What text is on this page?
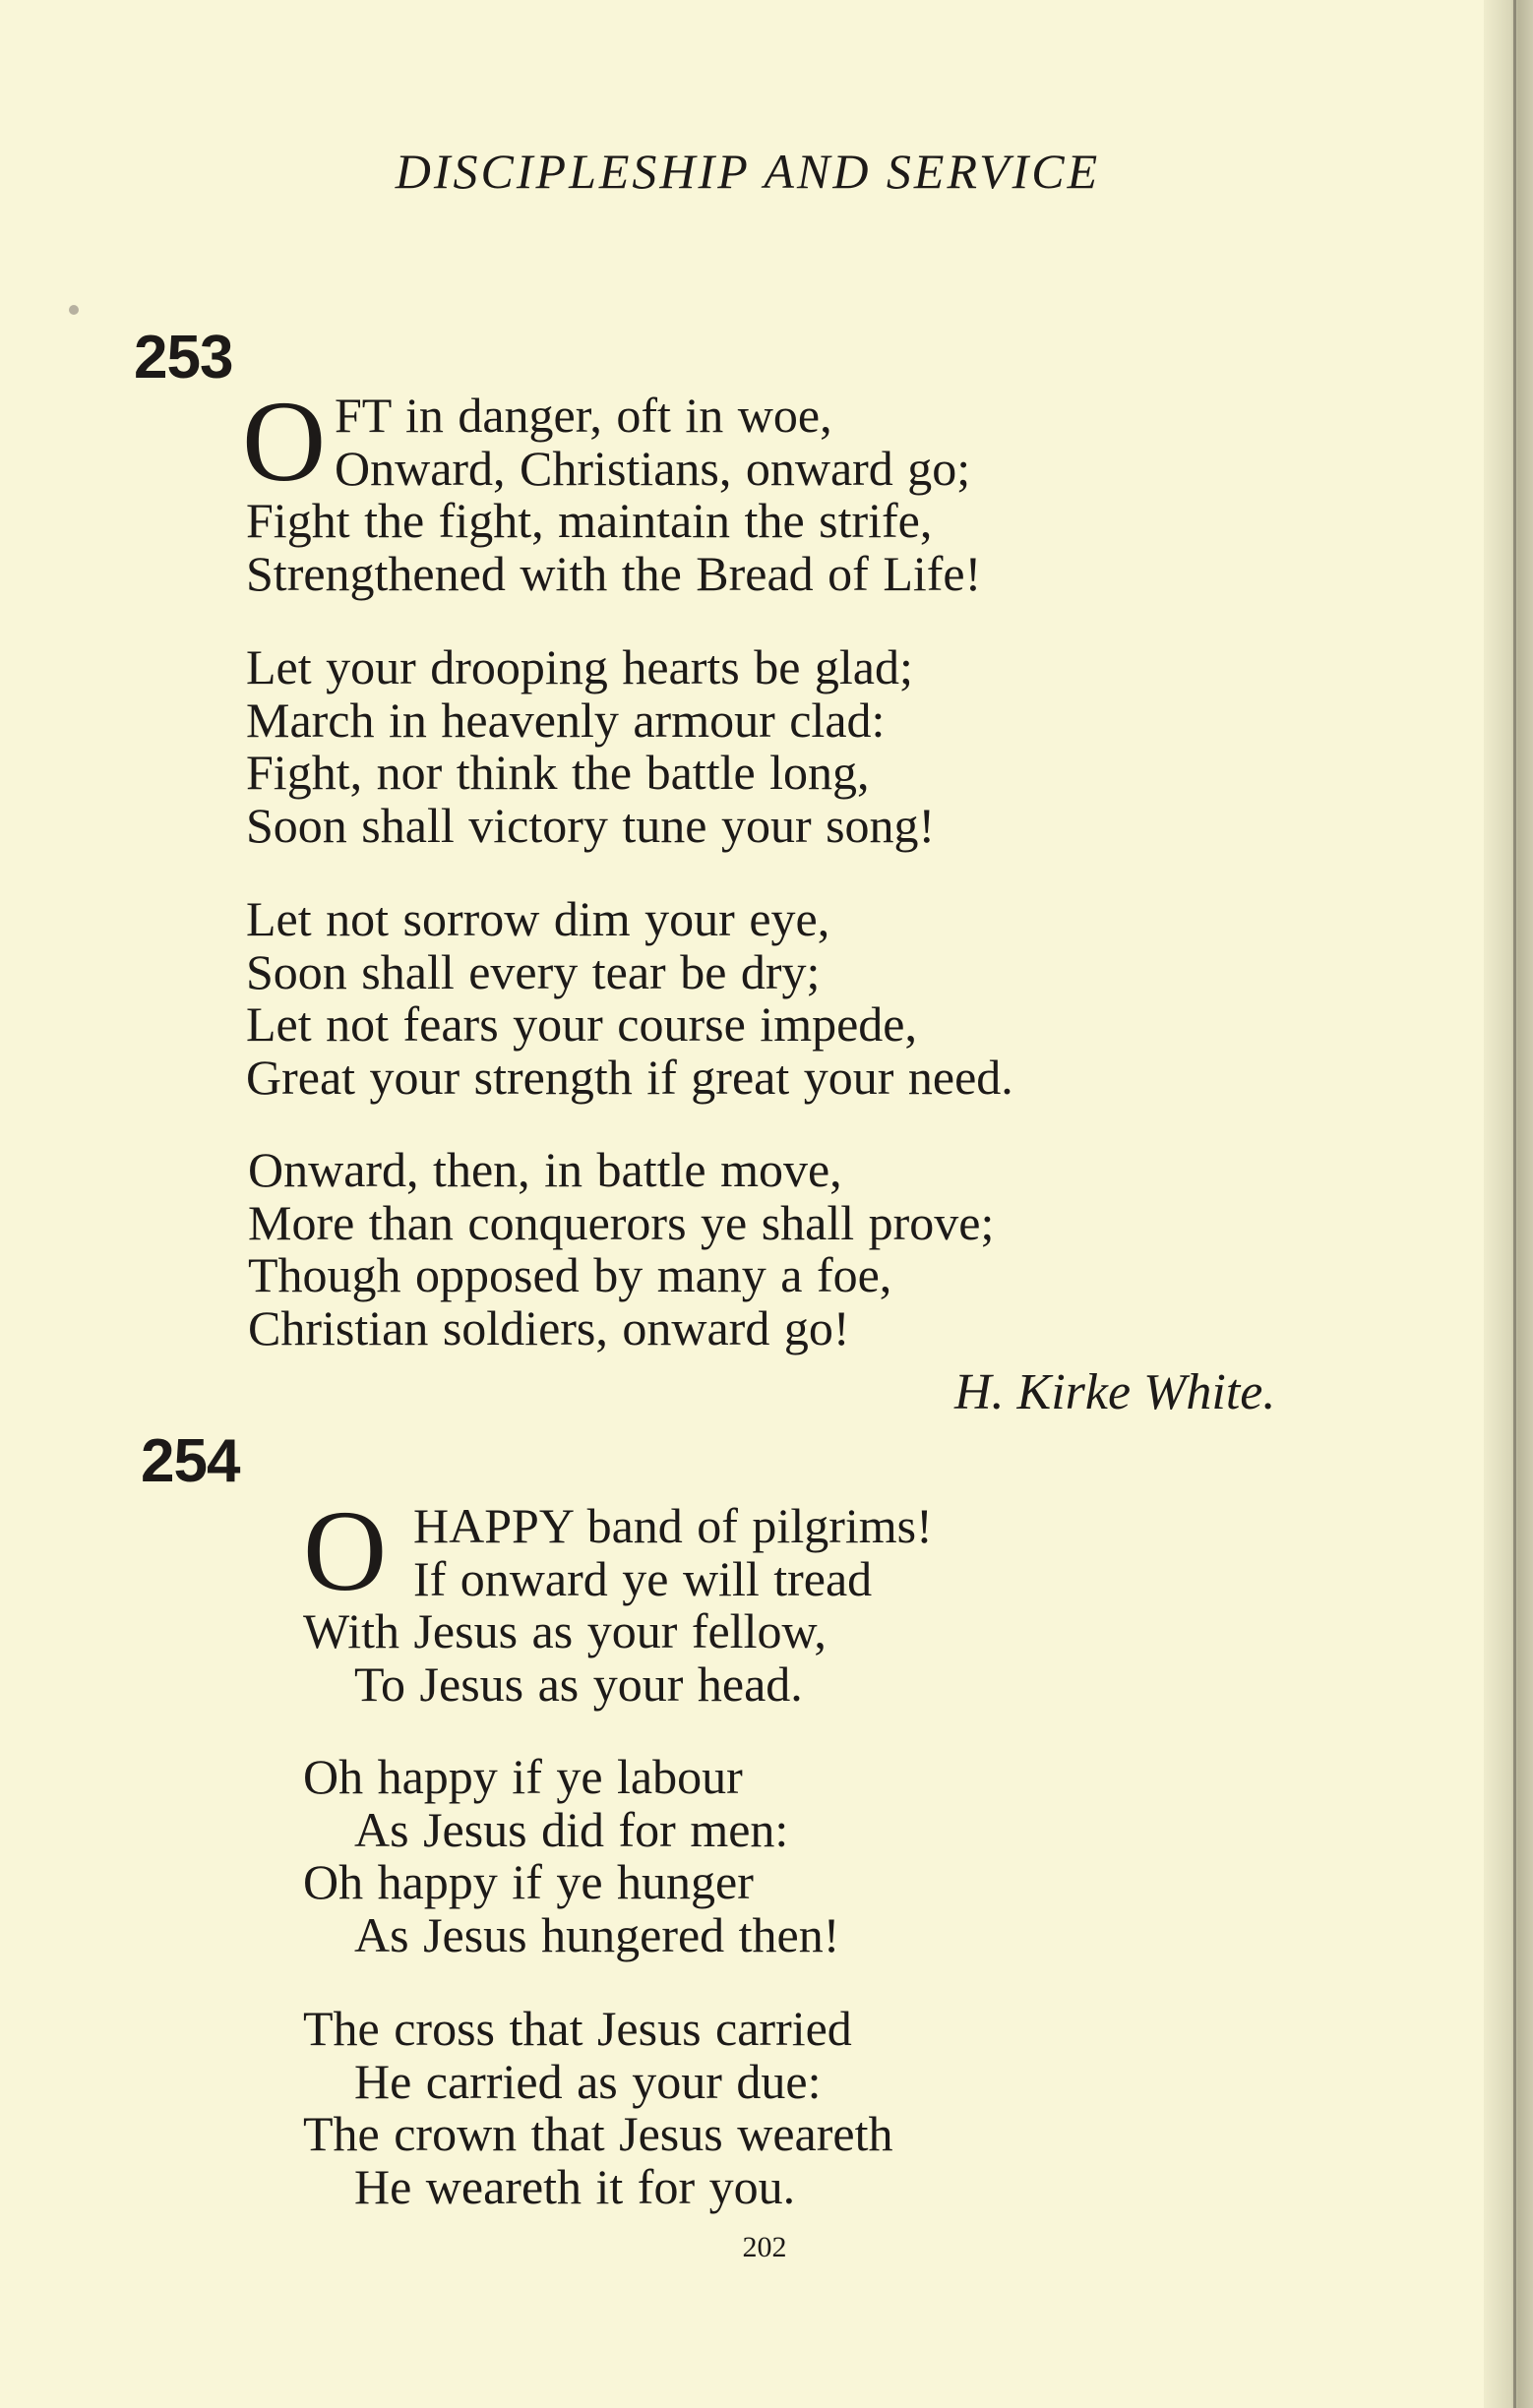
DISCIPLESHIP AND SERVICE
253
O FT in danger, oft in woe,
Onward, Christians, onward go;
Fight the fight, maintain the strife,
Strengthened with the Bread of Life!
Let your drooping hearts be glad;
March in heavenly armour clad:
Fight, nor think the battle long,
Soon shall victory tune your song!
Let not sorrow dim your eye,
Soon shall every tear be dry;
Let not fears your course impede,
Great your strength if great your need.
Onward, then, in battle move,
More than conquerors ye shall prove;
Though opposed by many a foe,
Christian soldiers, onward go!
H. Kirke White.
254
O HAPPY band of pilgrims!
If onward ye will tread
With Jesus as your fellow,
To Jesus as your head.
Oh happy if ye labour
As Jesus did for men:
Oh happy if ye hunger
As Jesus hungered then!
The cross that Jesus carried
He carried as your due:
The crown that Jesus weareth
He weareth it for you.
202
